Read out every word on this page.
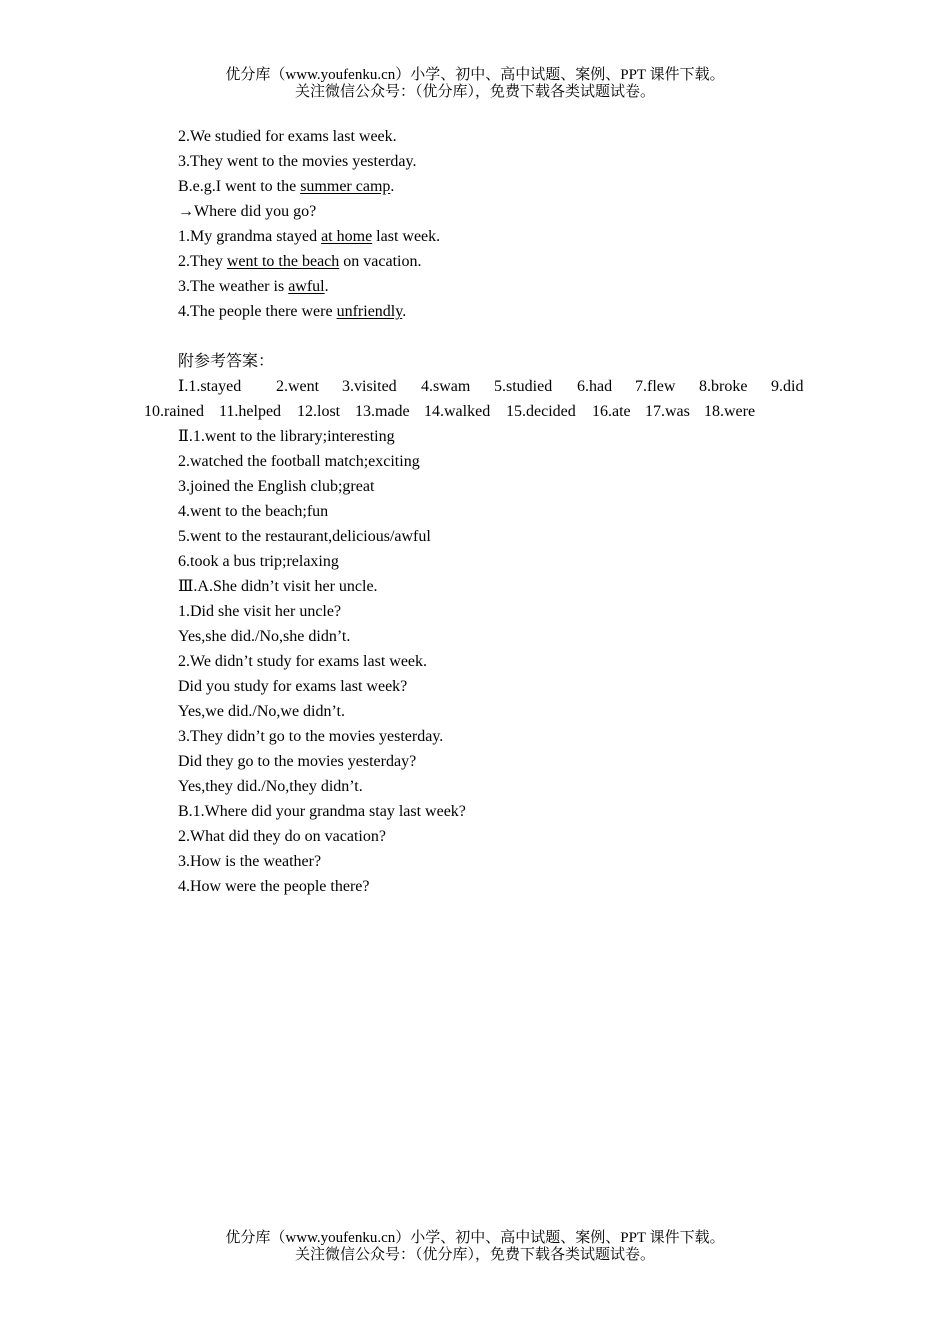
优分库（www.youfenku.cn）小学、初中、高中试题、案例、PPT 课件下载。
关注微信公众号：（优分库），免费下载各类试题试卷。
2.We studied for exams last week.
3.They went to the movies yesterday.
B.e.g.I went to the summer camp.
→Where did you go?
1.My grandma stayed at home last week.
2.They went to the beach on vacation.
3.The weather is awful.
4.The people there were unfriendly.
附参考答案：
Ⅰ.1.stayed 2.went 3.visited 4.swam 5.studied 6.had 7.flew 8.broke 9.did
10.rained 11.helped 12.lost 13.made 14.walked 15.decided 16.ate 17.was 18.were
Ⅱ.1.went to the library;interesting
2.watched the football match;exciting
3.joined the English club;great
4.went to the beach;fun
5.went to the restaurant,delicious/awful
6.took a bus trip;relaxing
Ⅲ.A.She didn’t visit her uncle.
1.Did she visit her uncle?
Yes,she did./No,she didn’t.
2.We didn’t study for exams last week.
Did you study for exams last week?
Yes,we did./No,we didn’t.
3.They didn’t go to the movies yesterday.
Did they go to the movies yesterday?
Yes,they did./No,they didn’t.
B.1.Where did your grandma stay last week?
2.What did they do on vacation?
3.How is the weather?
4.How were the people there?
优分库（www.youfenku.cn）小学、初中、高中试题、案例、PPT 课件下载。
关注微信公众号：（优分库），免费下载各类试题试卷。
